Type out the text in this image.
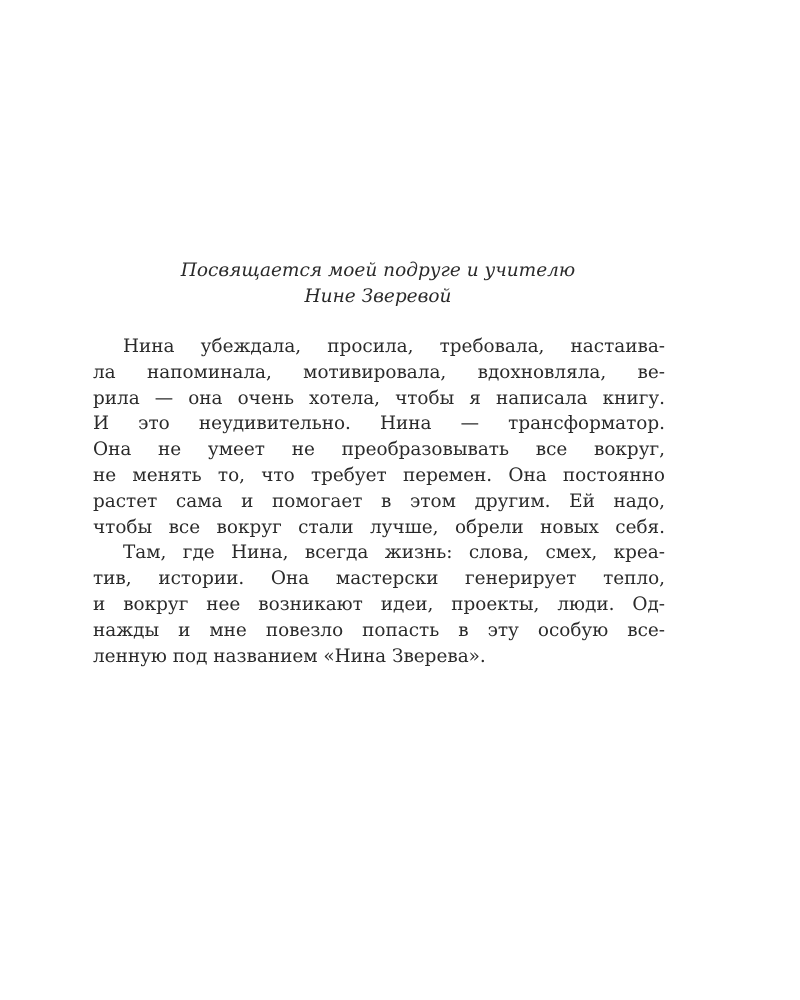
Посвящается моей подруге и учителю
Нине Зверевой
Нина убеждала, просила, требовала, настаива-
ла напоминала, мотивировала, вдохновляла, ве-
рила — она очень хотела, чтобы я написала книгу.
И это неудивительно. Нина — трансформатор.
Она не умеет не преобразовывать все вокруг,
не менять то, что требует перемен. Она постоянно
растет сама и помогает в этом другим. Ей надо,
чтобы все вокруг стали лучше, обрели новых себя.
Там, где Нина, всегда жизнь: слова, смех, креа-
тив, истории. Она мастерски генерирует тепло,
и вокруг нее возникают идеи, проекты, люди. Од-
нажды и мне повезло попасть в эту особую все-
ленную под названием «Нина Зверева».
